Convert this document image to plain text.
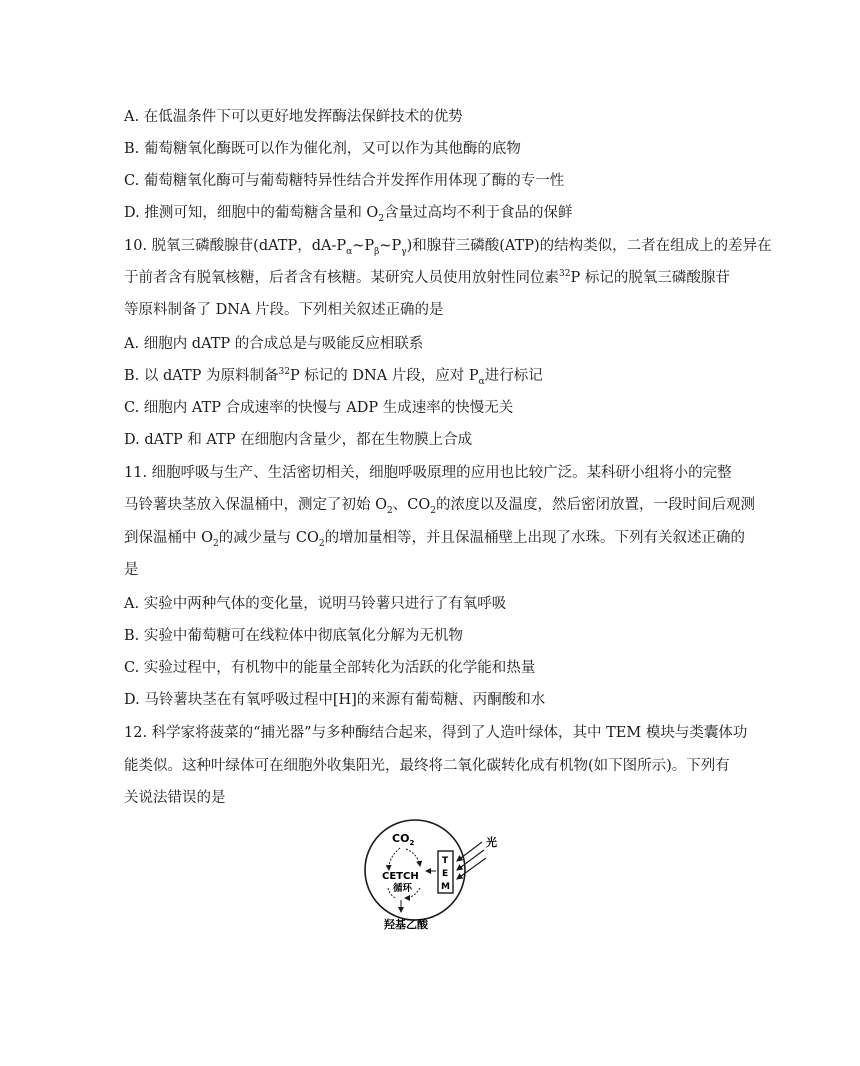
A. 在低温条件下可以更好地发挥酶法保鲜技术的优势
B. 葡萄糖氧化酶既可以作为催化剂，又可以作为其他酶的底物
C. 葡萄糖氧化酶可与葡萄糖特异性结合并发挥作用体现了酶的专一性
D. 推测可知，细胞中的葡萄糖含量和 $O_2$含量过高均不利于食品的保鲜
10. 脱氧三磷酸腺苷(dATP，$dA-P_\alpha\sim P_\beta\sim P_\gamma$)和腺苷三磷酸(ATP)的结构类似，二者在组成上的差异在
于前者含有脱氧核糖，后者含有核糖。某研究人员使用放射性同位素$^{32}$P 标记的脱氧三磷酸腺苷
等原料制备了 DNA 片段。下列相关叙述正确的是
A. 细胞内 dATP 的合成总是与吸能反应相联系
B. 以 dATP 为原料制备$^{32}$P 标记的 DNA 片段，应对 $P_\alpha$进行标记
C. 细胞内 ATP 合成速率的快慢与 ADP 生成速率的快慢无关
D. dATP 和 ATP 在细胞内含量少，都在生物膜上合成
11. 细胞呼吸与生产、生活密切相关，细胞呼吸原理的应用也比较广泛。某科研小组将小的完整
马铃薯块茎放入保温桶中，测定了初始 $O_2$、$CO_2$的浓度以及温度，然后密闭放置，一段时间后观测
到保温桶中 $O_2$的减少量与 $CO_2$的增加量相等，并且保温桶壁上出现了水珠。下列有关叙述正确的
是
A. 实验中两种气体的变化量，说明马铃薯只进行了有氧呼吸
B. 实验中葡萄糖可在线粒体中彻底氧化分解为无机物
C. 实验过程中，有机物中的能量全部转化为活跃的化学能和热量
D. 马铃薯块茎在有氧呼吸过程中[H]的来源有葡萄糖、丙酮酸和水
12. 科学家将菠菜的“捕光器”与多种酶结合起来，得到了人造叶绿体，其中 TEM 模块与类囊体功
能类似。这种叶绿体可在细胞外收集阳光，最终将二氧化碳转化成有机物(如下图所示)。下列有
关说法错误的是
$CO_2$
CETCH
循环
T
E
M
光
羟基乙酸
